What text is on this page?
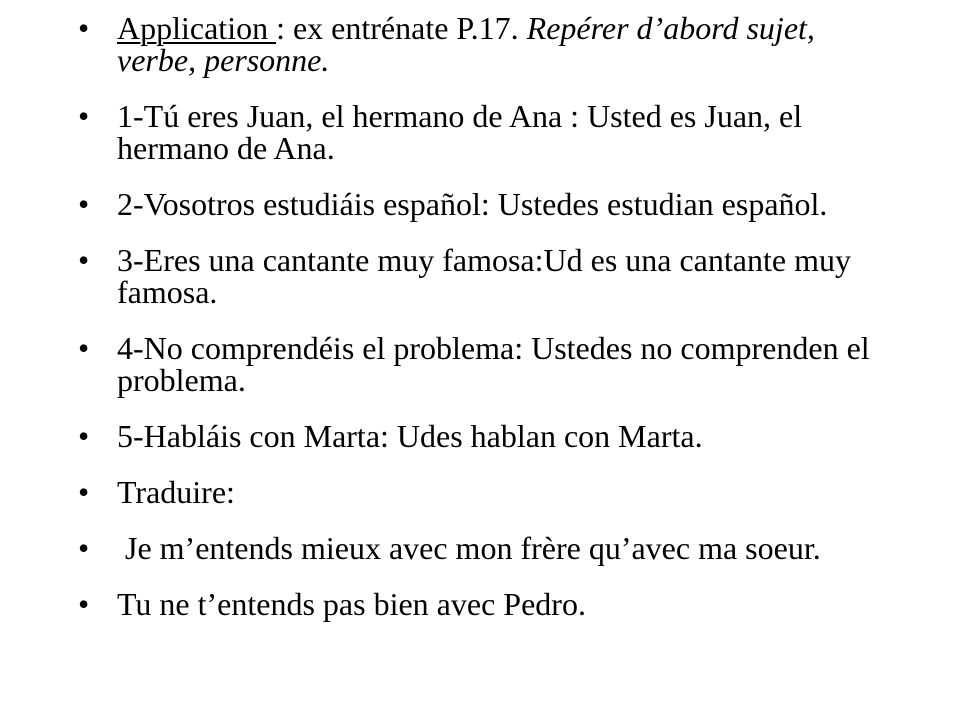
• Application : ex entrénate P.17. Repérer d’abord sujet, verbe, personne.
• 1-Tú eres Juan, el hermano de Ana : Usted es Juan, el hermano de Ana.
• 2-Vosotros estudiáis español: Ustedes estudian español.
• 3-Eres una cantante muy famosa:Ud es una cantante muy famosa.
• 4-No comprendéis el problema: Ustedes no comprenden el problema.
• 5-Habláis con Marta: Udes hablan con Marta.
• Traduire:
• Je m’entends mieux avec mon frère qu’avec ma soeur.
• Tu ne t’entends pas bien avec Pedro.
